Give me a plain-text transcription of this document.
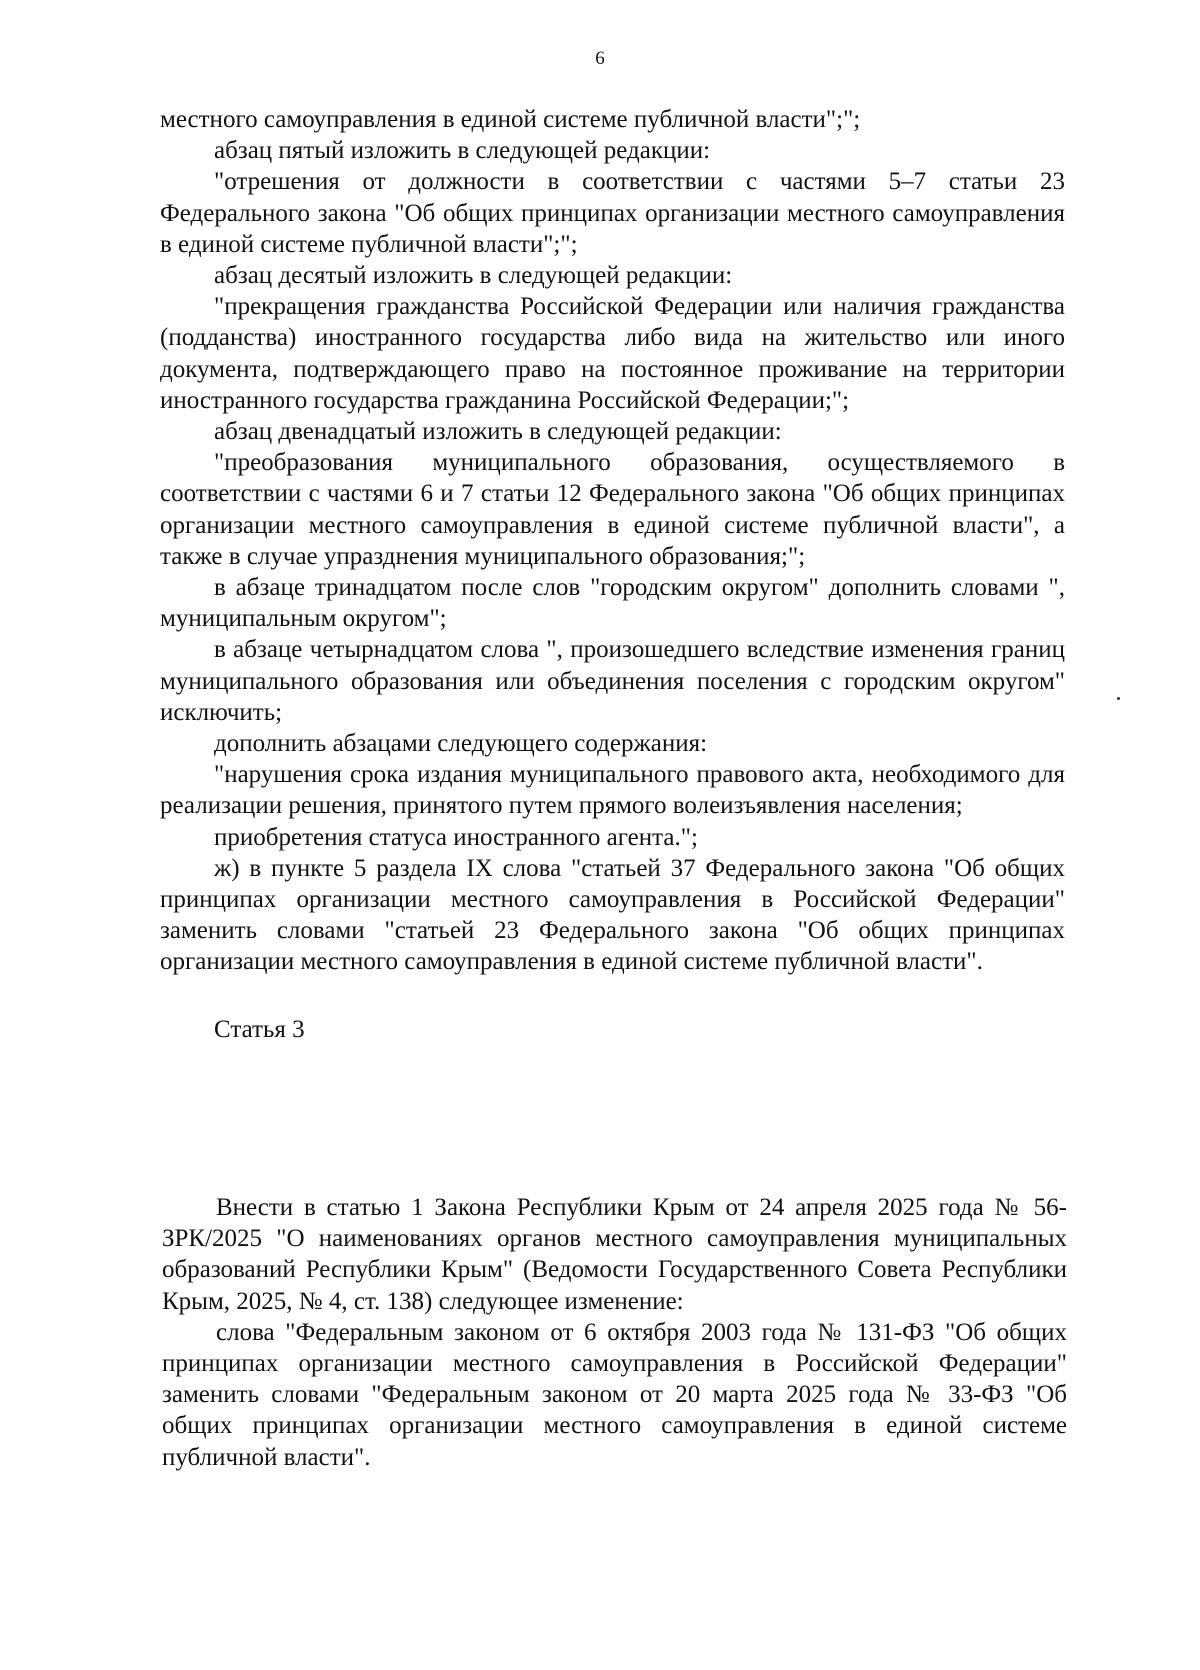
6

местного самоуправления в единой системе публичной власти";";

абзац пятый изложить в следующей редакции:

"отрешения от должности в соответствии с частями 5–7 статьи 23 Федерального закона "Об общих принципах организации местного самоуправления в единой системе публичной власти";";

абзац десятый изложить в следующей редакции:

"прекращения гражданства Российской Федерации или наличия гражданства (подданства) иностранного государства либо вида на жительство или иного документа, подтверждающего право на постоянное проживание на территории иностранного государства гражданина Российской Федерации;";

абзац двенадцатый изложить в следующей редакции:

"преобразования муниципального образования, осуществляемого в соответствии с частями 6 и 7 статьи 12 Федерального закона "Об общих принципах организации местного самоуправления в единой системе публичной власти", а также в случае упразднения муниципального образования;";

в абзаце тринадцатом после слов "городским округом" дополнить словами ", муниципальным округом";

в абзаце четырнадцатом слова ", произошедшего вследствие изменения границ муниципального образования или объединения поселения с городским округом" исключить;

дополнить абзацами следующего содержания:

"нарушения срока издания муниципального правового акта, необходимого для реализации решения, принятого путем прямого волеизъявления населения;

приобретения статуса иностранного агента.";

ж) в пункте 5 раздела IX слова "статьей 37 Федерального закона "Об общих принципах организации местного самоуправления в Российской Федерации" заменить словами "статьей 23 Федерального закона "Об общих принципах организации местного самоуправления в единой системе публичной власти".

Статья 3

Внести в статью 1 Закона Республики Крым от 24 апреля 2025 года № 56-ЗРК/2025 "О наименованиях органов местного самоуправления муниципальных образований Республики Крым" (Ведомости Государственного Совета Республики Крым, 2025, № 4, ст. 138) следующее изменение:

слова "Федеральным законом от 6 октября 2003 года № 131-ФЗ "Об общих принципах организации местного самоуправления в Российской Федерации" заменить словами "Федеральным законом от 20 марта 2025 года № 33-ФЗ "Об общих принципах организации местного самоуправления в единой системе публичной власти".
